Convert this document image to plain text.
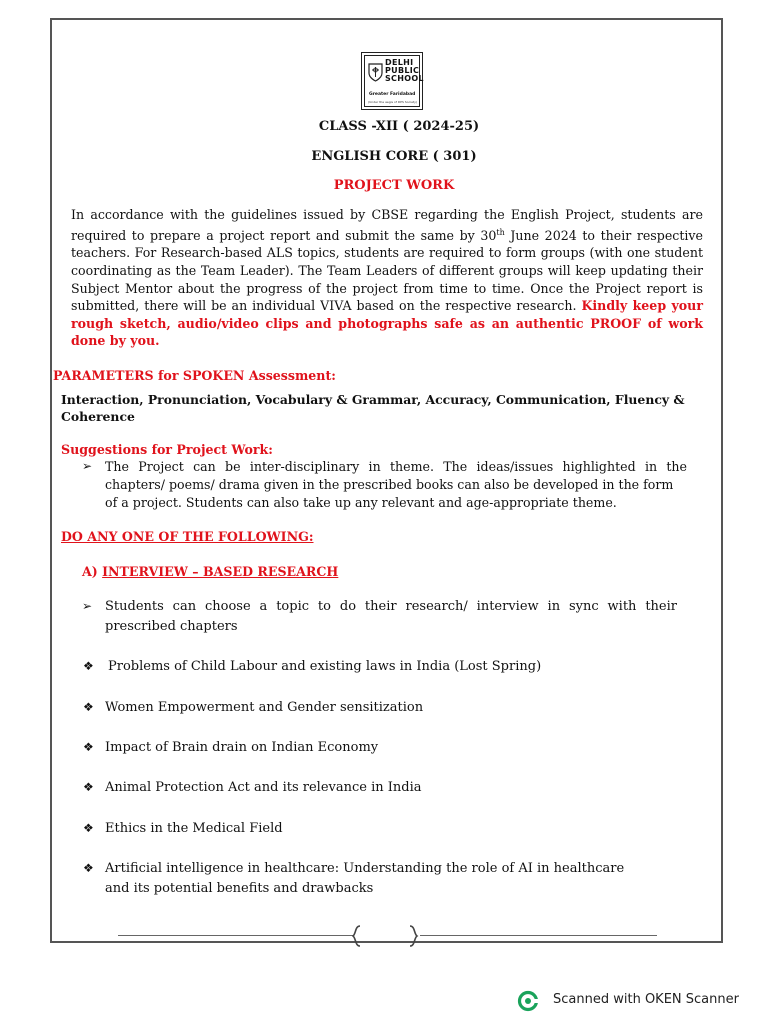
DELHI
PUBLIC
SCHOOL
Greater Faridabad
(Under the aegis of DPS Society)
CLASS -XII ( 2024-25)
ENGLISH CORE ( 301)
PROJECT WORK
In accordance with the guidelines issued by CBSE regarding the English Project, students are required to prepare a project report and submit the same by 30th June 2024 to their respective teachers. For Research-based ALS topics, students are required to form groups (with one student coordinating as the Team Leader). The Team Leaders of different groups will keep updating their Subject Mentor about the progress of the project from time to time. Once the Project report is submitted, there will be an individual VIVA based on the respective research. Kindly keep your rough sketch, audio/video clips and photographs safe as an authentic PROOF of work done by you.
PARAMETERS for SPOKEN Assessment:
Interaction, Pronunciation, Vocabulary & Grammar, Accuracy, Communication, Fluency &
Coherence
Suggestions for Project Work:
➢ The Project can be inter-disciplinary in theme. The ideas/issues highlighted in the
chapters/ poems/ drama given in the prescribed books can also be developed in the form
of a project. Students can also take up any relevant and age-appropriate theme.
DO ANY ONE OF THE FOLLOWING:
A) INTERVIEW – BASED RESEARCH
➢ Students can choose a topic to do their research/ interview in sync with their
prescribed chapters
❖ Problems of Child Labour and existing laws in India (Lost Spring)
❖ Women Empowerment and Gender sensitization
❖ Impact of Brain drain on Indian Economy
❖ Animal Protection Act and its relevance in India
❖ Ethics in the Medical Field
❖ Artificial intelligence in healthcare: Understanding the role of AI in healthcare
and its potential benefits and drawbacks
Scanned with OKEN Scanner
